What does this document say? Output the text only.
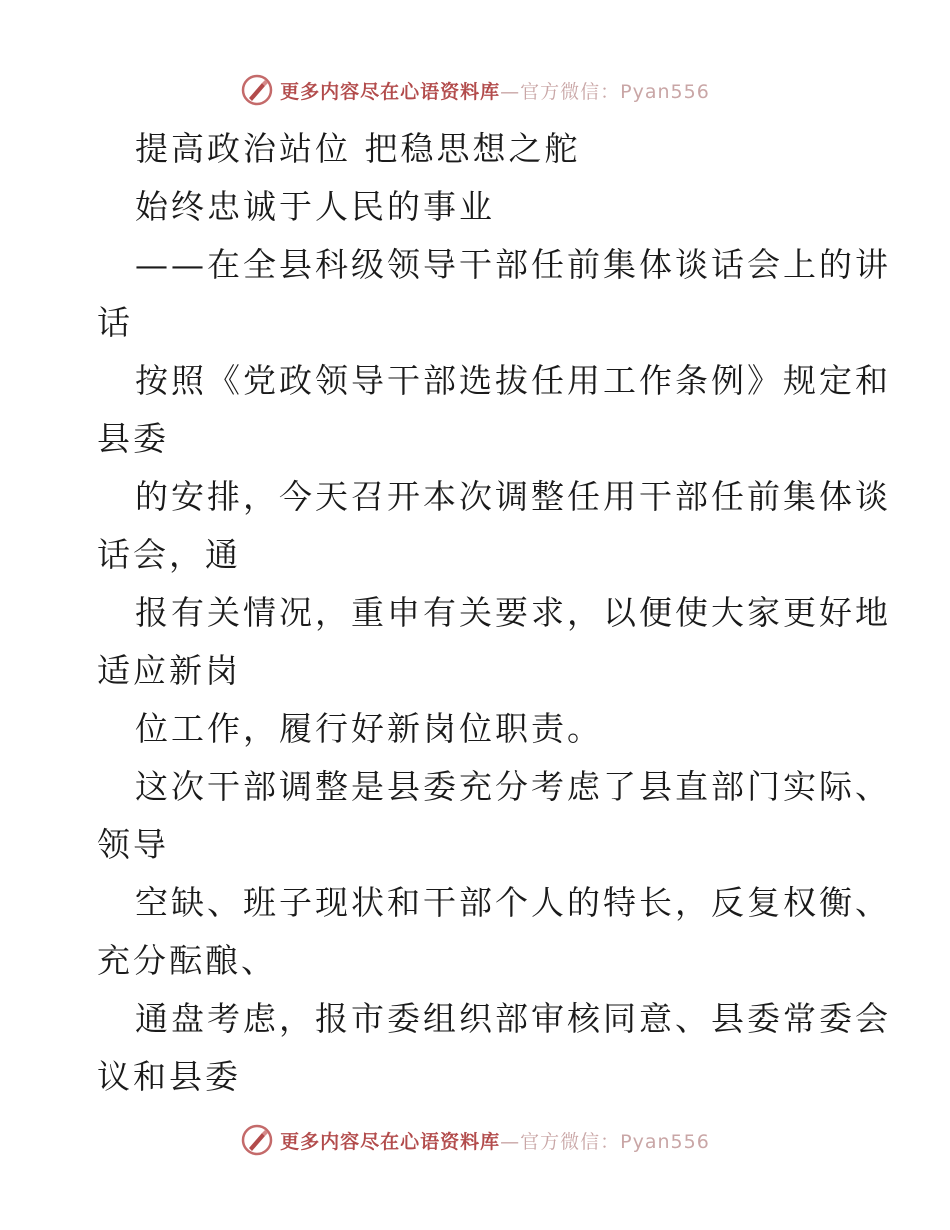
更多内容尽在心语资料库—官方微信：Pyan556
提高政治站位 把稳思想之舵
始终忠诚于人民的事业
——在全县科级领导干部任前集体谈话会上的讲
话
按照《党政领导干部选拔任用工作条例》规定和
县委
的安排，今天召开本次调整任用干部任前集体谈
话会，通
报有关情况，重申有关要求，以便使大家更好地
适应新岗
位工作，履行好新岗位职责。
这次干部调整是县委充分考虑了县直部门实际、
领导
空缺、班子现状和干部个人的特长，反复权衡、
充分酝酿、
通盘考虑，报市委组织部审核同意、县委常委会
议和县委
更多内容尽在心语资料库—官方微信：Pyan556
